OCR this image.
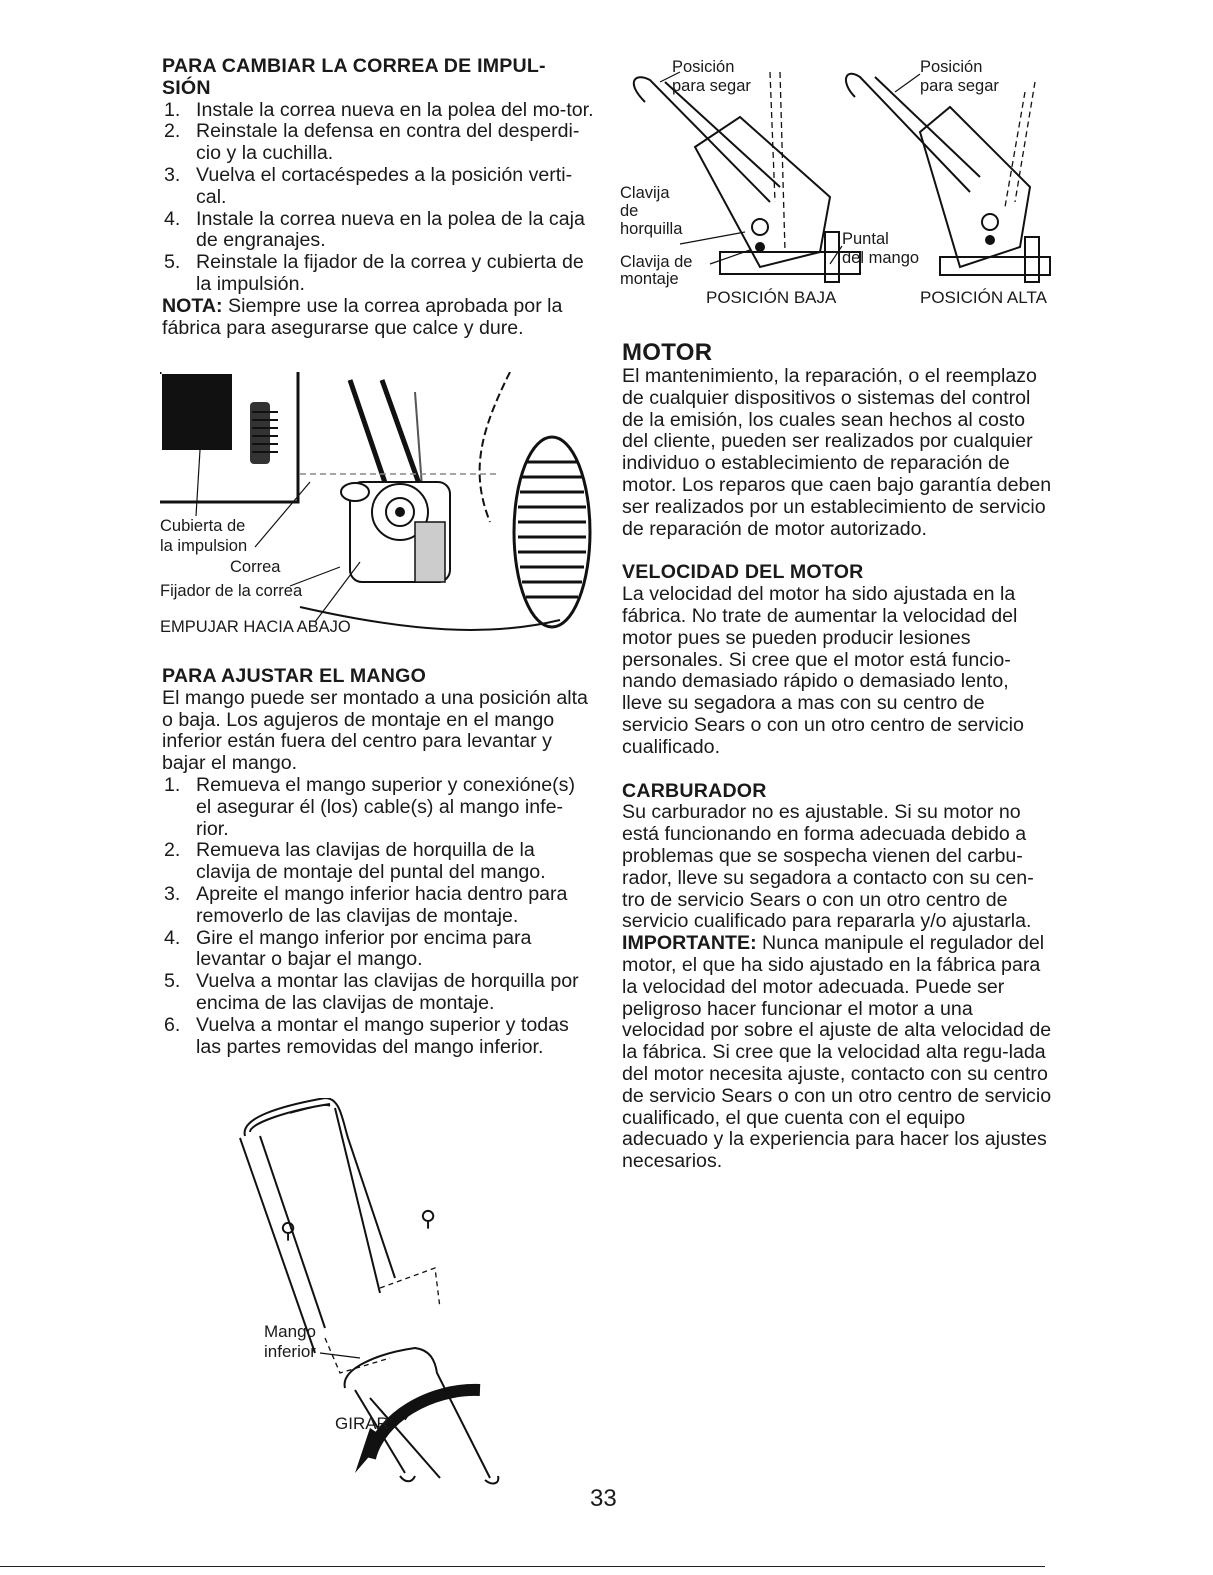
PARA CAMBIAR LA CORREA DE IMPUL-
SIÓN
1. Instale la correa nueva en la polea del mo-tor.
2. Reinstale la defensa en contra del desperdi-cio y la cuchilla.
3. Vuelva el cortacéspedes a la posición verti-cal.
4. Instale la correa nueva en la polea de la caja de engranajes.
5. Reinstale la fijador de la correa y cubierta de la impulsión.

NOTA: Siempre use la correa aprobada por la fábrica para asegurarse que calce y dure.

Cubierta de
la impulsion
Correa
Fijador de la correa
EMPUJAR HACIA ABAJO
PARA AJUSTAR EL MANGO

El mango puede ser montado a una posición alta o baja. Los agujeros de montaje en el mango inferior están fuera del centro para levantar y bajar el mango.

1. Remueva el mango superior y conexióne(s) el asegurar él (los) cable(s) al mango infe-rior.
2. Remueva las clavijas de horquilla de la clavija de montaje del puntal del mango.
3. Apreite el mango inferior hacia dentro para removerlo de las clavijas de montaje.
4. Gire el mango inferior por encima para levantar o bajar el mango.
5. Vuelva a montar las clavijas de horquilla por encima de las clavijas de montaje.
6. Vuelva a montar el mango superior y todas las partes removidas del mango inferior.
⚲	⚲
Mango
inferior
GIRAR
Posición
para segar
Posición
para segar
Clavija
de
horquilla
Clavija de
montaje
Puntal
del mango
POSICIÓN BAJA	POSICIÓN ALTA
MOTOR

El mantenimiento, la reparación, o el reemplazo de cualquier dispositivos o sistemas del control de la emisión, los cuales sean hechos al costo del cliente, pueden ser realizados por cualquier individuo o establecimiento de reparación de motor. Los reparos que caen bajo garantía deben ser realizados por un establecimiento de servicio de reparación de motor autorizado.

VELOCIDAD DEL MOTOR

La velocidad del motor ha sido ajustada en la fábrica. No trate de aumentar la velocidad del motor pues se pueden producir lesiones personales. Si cree que el motor está funcio-nando demasiado rápido o demasiado lento, lleve su segadora a mas con su centro de servicio Sears o con un otro centro de servicio cualificado.

CARBURADOR

Su carburador no es ajustable. Si su motor no está funcionando en forma adecuada debido a problemas que se sospecha vienen del carbu-rador, lleve su segadora a contacto con su cen-tro de servicio Sears o con un otro centro de servicio cualificado para repararla y/o ajustarla.

IMPORTANTE: Nunca manipule el regulador del motor, el que ha sido ajustado en la fábrica para la velocidad del motor adecuada. Puede ser peligroso hacer funcionar el motor a una velocidad por sobre el ajuste de alta velocidad de la fábrica. Si cree que la velocidad alta regu-lada del motor necesita ajuste, contacto con su centro de servicio Sears o con un otro centro de servicio cualificado, el que cuenta con el equipo adecuado y la experiencia para hacer los ajustes necesarios.

33
